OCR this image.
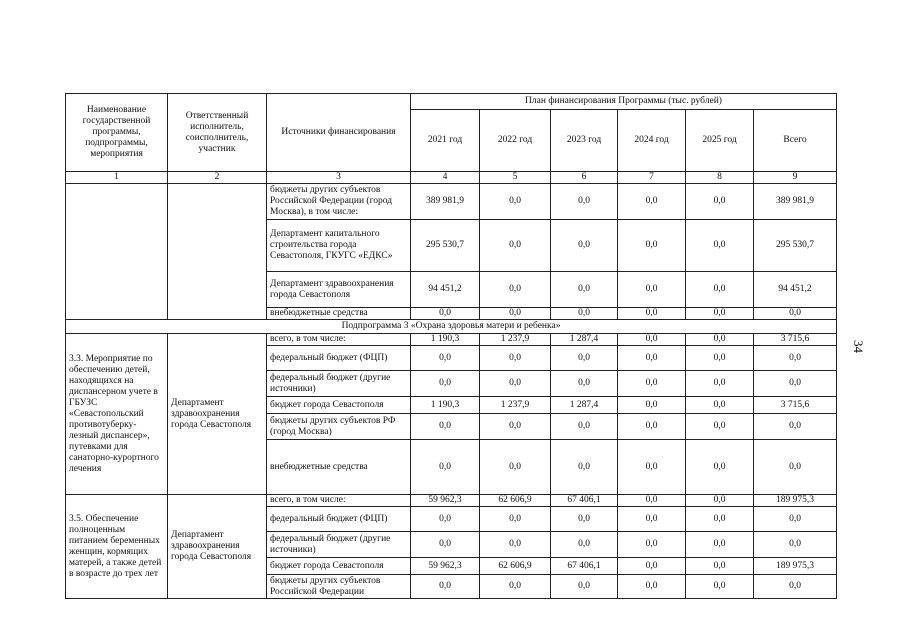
Наименование государственной программы, подпрограммы, мероприятия	Ответственный исполнитель, соисполнитель, участник	Источники финансирования	План финансирования Программы (тыс. рублей)					
			2021 год	2022 год	2023 год	2024 год	2025 год	Всего
1	2	3	4	5	6	7	8	9
		бюджеты других субъектов Российской Федерации (город Москва), в том числе:	389 981,9	0,0	0,0	0,0	0,0	389 981,9
		Департамент капитального строительства города Севастополя, ГКУГС «ЕДКС»	295 530,7	0,0	0,0	0,0	0,0	295 530,7
		Департамент здравоохранения города Севастополя	94 451,2	0,0	0,0	0,0	0,0	94 451,2
		внебюджетные средства	0,0	0,0	0,0	0,0	0,0	0,0
Подпрограмма 3 «Охрана здоровья матери и ребенка»								
3.3. Мероприятие по обеспечению детей, находящихся на диспансерном учете в ГБУЗС «Севастопольский противотуберку-лезный диспансер», путевками для санаторно-курортного лечения	Департамент здравоохранения города Севастополя	всего, в том числе:	1 190,3	1 237,9	1 287,4	0,0	0,0	3 715,6
		федеральный бюджет (ФЦП)	0,0	0,0	0,0	0,0	0,0	0,0
		федеральный бюджет (другие источники)	0,0	0,0	0,0	0,0	0,0	0,0
		бюджет города Севастополя	1 190,3	1 237,9	1 287,4	0,0	0,0	3 715,6
		бюджеты других субъектов РФ (город Москва)	0,0	0,0	0,0	0,0	0,0	0,0
		внебюджетные средства	0,0	0,0	0,0	0,0	0,0	0,0
3.5. Обеспечение полноценным питанием беременных женщин, кормящих матерей, а также детей в возрасте до трех лет	Департамент здравоохранения города Севастополя	всего, в том числе:	59 962,3	62 606,9	67 406,1	0,0	0,0	189 975,3
		федеральный бюджет (ФЦП)	0,0	0,0	0,0	0,0	0,0	0,0
		федеральный бюджет (другие источники)	0,0	0,0	0,0	0,0	0,0	0,0
		бюджет города Севастополя	59 962,3	62 606,9	67 406,1	0,0	0,0	189 975,3
		бюджеты других субъектов Российской Федерации	0,0	0,0	0,0	0,0	0,0	0,0
34
